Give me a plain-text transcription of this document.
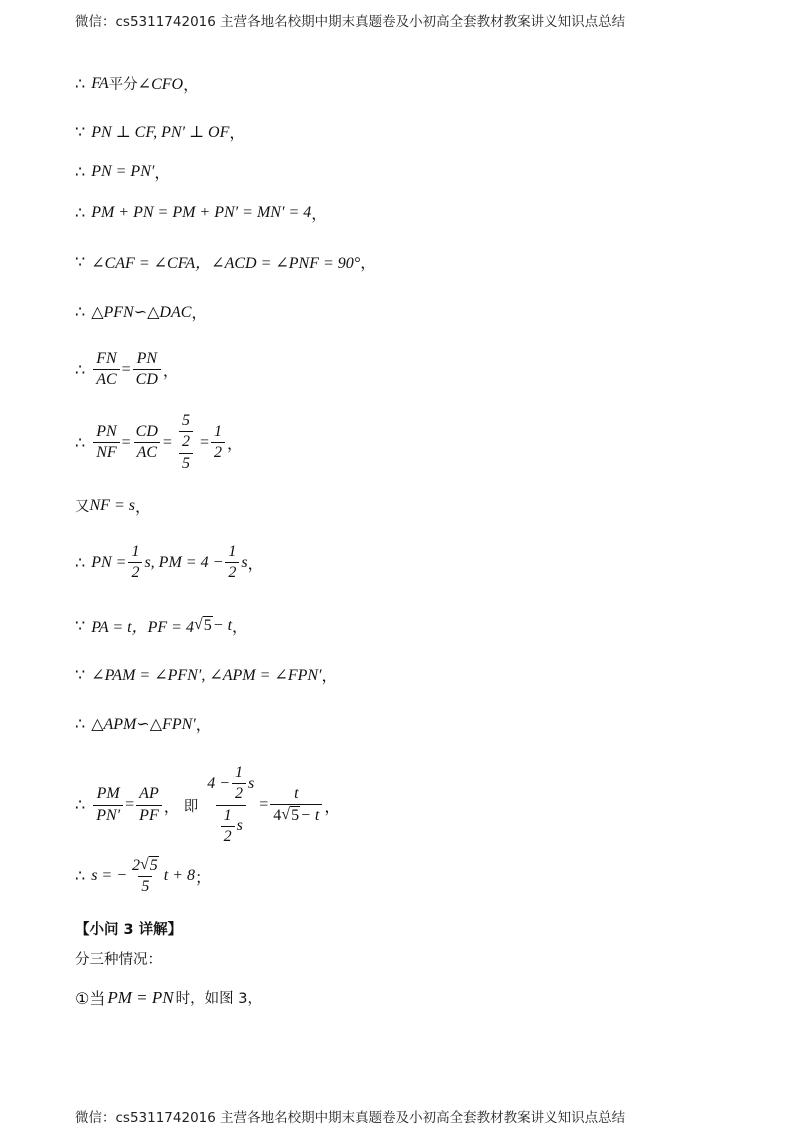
微信：cs5311742016 主营各地名校期中期末真题卷及小初高全套教材教案讲义知识点总结
∴ FA 平分 ∠CFO ，
∵ PN ⊥ CF, PN′ ⊥ OF ，
∴ PN = PN′ ，
∴ PM + PN = PM + PN′ = MN′ = 4 ，
∵ ∠CAF = ∠CFA，∠ACD = ∠PNF = 90° ，
∴ △PFN∽△DAC ，
∴ $\frac{FN}{AC} = \frac{PN}{CD}$ ，
∴ $\frac{PN}{NF} = \frac{CD}{AC} = \frac{\frac{5}{2}}{5} = \frac{1}{2}$ ，
又 NF = s ，
∴ PN = $\frac{1}{2} s$, PM = $4 - \frac{1}{2}$ s ，
∵ PA = t，PF = 4 √ 5 − t ，
∵ ∠PAM = ∠PFN′, ∠APM = ∠FPN′ ，
∴ △APM∽△FPN′ ，
∴ $\frac{PM}{PN'} = \frac{AP}{PF}$ ， 即 $\frac{4 - \frac{1}{2} s}{\frac{1}{2} s} = \frac{t}{4 √ 5 - t}$ ，
∴ s = − $\frac{2 √ 5}{5}$ t + 8 ；
【小问 3 详解】
分三种情况：
①当 PM = PN 时，如图 3，
微信：cs5311742016 主营各地名校期中期末真题卷及小初高全套教材教案讲义知识点总结
